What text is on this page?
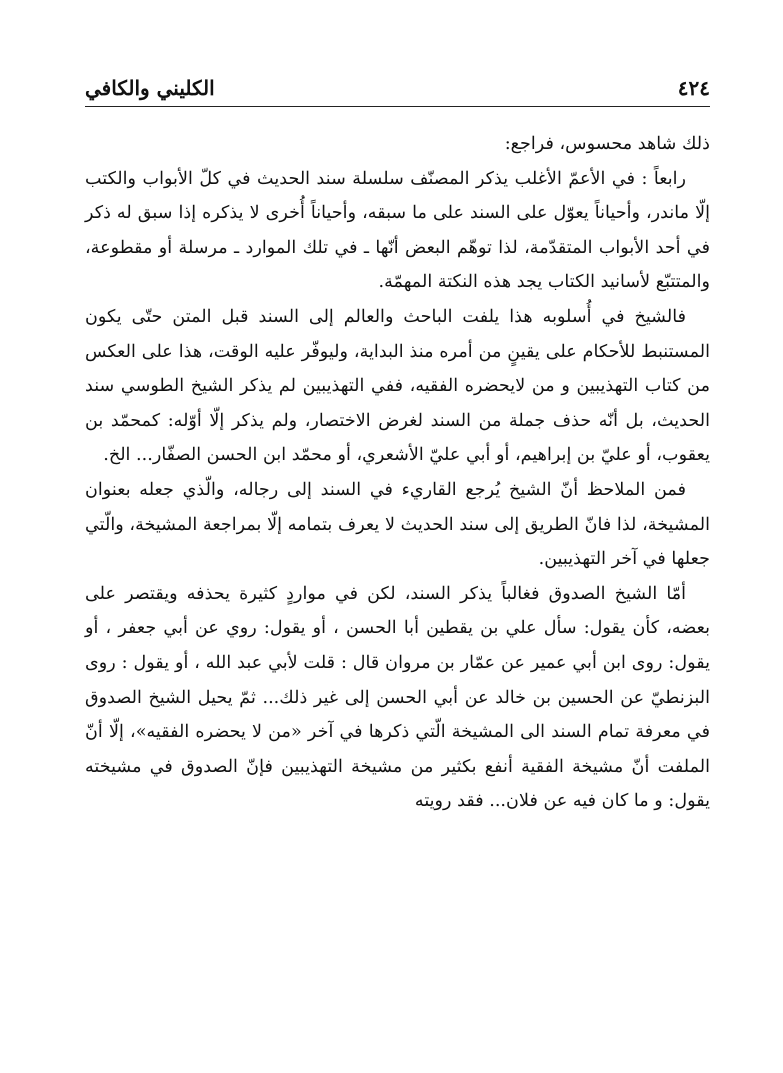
٤٢٤
الكليني والكافي

ذلك شاهد محسوس، فراجع:

رابعاً : في الأعمّ الأغلب يذكر المصنّف سلسلة سند الحديث في كلّ الأبواب والكتب إلّا ماندر، وأحياناً يعوّل على السند على ما سبقه، وأحياناً أُخرى لا يذكره إذا سبق له ذكر في أحد الأبواب المتقدّمة، لذا توهّم البعض أنّها ـ في تلك الموارد ـ مرسلة أو مقطوعة، والمتتبّع لأسانيد الكتاب يجد هذه النكتة المهمّة.

فالشيخ في أُسلوبه هذا يلفت الباحث والعالم إلى السند قبل المتن حتّى يكون المستنبط للأحكام على يقينٍ من أمره منذ البداية، وليوفّر عليه الوقت، هذا على العكس من كتاب التهذيبين و من لايحضره الفقيه، ففي التهذيبين لم يذكر الشيخ الطوسي سند الحديث، بل أنّه حذف جملة من السند لغرض الاختصار، ولم يذكر إلّا أوّله: كمحمّد بن يعقوب، أو عليّ بن إبراهيم، أو أبي عليّ الأشعري، أو محمّد ابن الحسن الصفّار... الخ.

فمن الملاحظ أنّ الشيخ يُرجع القاريء في السند إلى رجاله، والّذي جعله بعنوان المشيخة، لذا فانّ الطريق إلى سند الحديث لا يعرف بتمامه إلّا بمراجعة المشيخة، والّتي جعلها في آخر التهذيبين.

أمّا الشيخ الصدوق فغالباً يذكر السند، لكن في مواردٍ كثيرة يحذفه ويقتصر على بعضه، كأن يقول: سأل علي بن يقطين أبا الحسن ، أو يقول: روي عن أبي جعفر ، أو يقول: روى ابن أبي عمير عن عمّار بن مروان قال : قلت لأبي عبد الله ، أو يقول : روى البزنطيّ عن الحسين بن خالد عن أبي الحسن إلى غير ذلك... ثمّ يحيل الشيخ الصدوق في معرفة تمام السند الى المشيخة الّتي ذكرها في آخر «من لا يحضره الفقيه»، إلّا أنّ الملفت أنّ مشيخة الفقية أنفع بكثير من مشيخة التهذيبين فإنّ الصدوق في مشيخته يقول: و ما كان فيه عن فلان... فقد رويته
